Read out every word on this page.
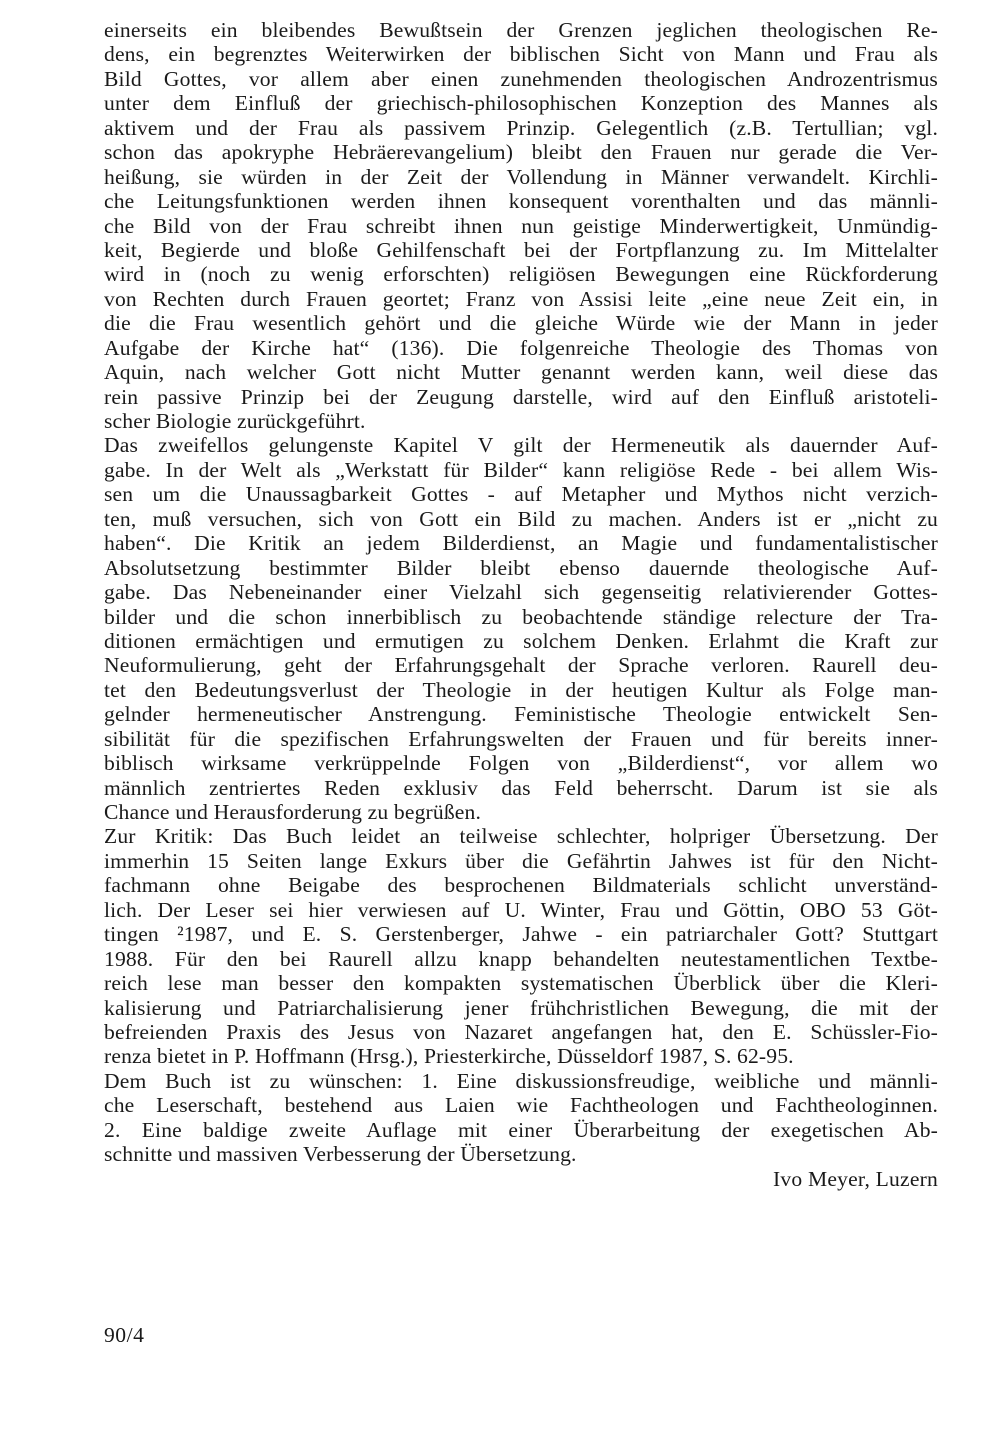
einerseits ein bleibendes Bewußtsein der Grenzen jeglichen theologischen Re-
dens, ein begrenztes Weiterwirken der biblischen Sicht von Mann und Frau als
Bild Gottes, vor allem aber einen zunehmenden theologischen Androzentrismus
unter dem Einfluß der griechisch-philosophischen Konzeption des Mannes als
aktivem und der Frau als passivem Prinzip. Gelegentlich (z.B. Tertullian; vgl.
schon das apokryphe Hebräerevangelium) bleibt den Frauen nur gerade die Ver-
heißung, sie würden in der Zeit der Vollendung in Männer verwandelt. Kirchli-
che Leitungsfunktionen werden ihnen konsequent vorenthalten und das männli-
che Bild von der Frau schreibt ihnen nun geistige Minderwertigkeit, Unmündig-
keit, Begierde und bloße Gehilfenschaft bei der Fortpflanzung zu. Im Mittelalter
wird in (noch zu wenig erforschten) religiösen Bewegungen eine Rückforderung
von Rechten durch Frauen geortet; Franz von Assisi leite „eine neue Zeit ein, in
die die Frau wesentlich gehört und die gleiche Würde wie der Mann in jeder
Aufgabe der Kirche hat“ (136). Die folgenreiche Theologie des Thomas von
Aquin, nach welcher Gott nicht Mutter genannt werden kann, weil diese das
rein passive Prinzip bei der Zeugung darstelle, wird auf den Einfluß aristoteli-
scher Biologie zurückgeführt.
Das zweifellos gelungenste Kapitel V gilt der Hermeneutik als dauernder Auf-
gabe. In der Welt als „Werkstatt für Bilder“ kann religiöse Rede - bei allem Wis-
sen um die Unaussagbarkeit Gottes - auf Metapher und Mythos nicht verzich-
ten, muß versuchen, sich von Gott ein Bild zu machen. Anders ist er „nicht zu
haben“. Die Kritik an jedem Bilderdienst, an Magie und fundamentalistischer
Absolutsetzung bestimmter Bilder bleibt ebenso dauernde theologische Auf-
gabe. Das Nebeneinander einer Vielzahl sich gegenseitig relativierender Gottes-
bilder und die schon innerbiblisch zu beobachtende ständige relecture der Tra-
ditionen ermächtigen und ermutigen zu solchem Denken. Erlahmt die Kraft zur
Neuformulierung, geht der Erfahrungsgehalt der Sprache verloren. Raurell deu-
tet den Bedeutungsverlust der Theologie in der heutigen Kultur als Folge man-
gelnder hermeneutischer Anstrengung. Feministische Theologie entwickelt Sen-
sibilität für die spezifischen Erfahrungswelten der Frauen und für bereits inner-
biblisch wirksame verkrüppelnde Folgen von „Bilderdienst“, vor allem wo
männlich zentriertes Reden exklusiv das Feld beherrscht. Darum ist sie als
Chance und Herausforderung zu begrüßen.
Zur Kritik: Das Buch leidet an teilweise schlechter, holpriger Übersetzung. Der
immerhin 15 Seiten lange Exkurs über die Gefährtin Jahwes ist für den Nicht-
fachmann ohne Beigabe des besprochenen Bildmaterials schlicht unverständ-
lich. Der Leser sei hier verwiesen auf U. Winter, Frau und Göttin, OBO 53 Göt-
tingen ²1987, und E. S. Gerstenberger, Jahwe - ein patriarchaler Gott? Stuttgart
1988. Für den bei Raurell allzu knapp behandelten neutestamentlichen Textbe-
reich lese man besser den kompakten systematischen Überblick über die Kleri-
kalisierung und Patriarchalisierung jener frühchristlichen Bewegung, die mit der
befreienden Praxis des Jesus von Nazaret angefangen hat, den E. Schüssler-Fio-
renza bietet in P. Hoffmann (Hrsg.), Priesterkirche, Düsseldorf 1987, S. 62-95.
Dem Buch ist zu wünschen: 1. Eine diskussionsfreudige, weibliche und männli-
che Leserschaft, bestehend aus Laien wie Fachtheologen und Fachtheologinnen.
2. Eine baldige zweite Auflage mit einer Überarbeitung der exegetischen Ab-
schnitte und massiven Verbesserung der Übersetzung.
Ivo Meyer, Luzern
90/4
